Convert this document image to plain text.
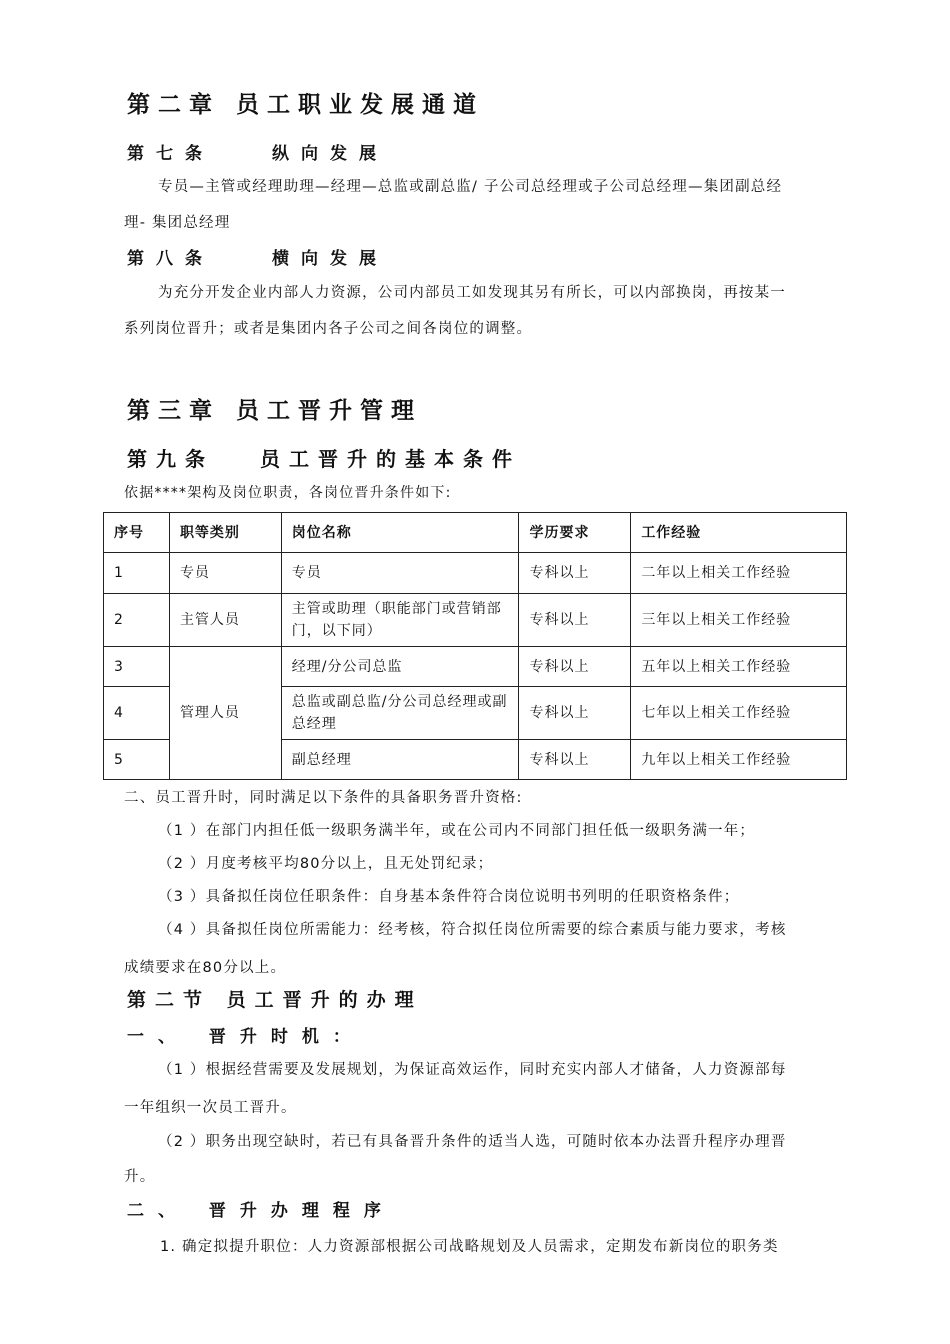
第二章 员工职业发展通道
第七条	纵向发展
专员—主管或经理助理—经理—总监或副总监/ 子公司总经理或子公司总经理—集团副总经
理- 集团总经理
第八条	横向发展
为充分开发企业内部人力资源，公司内部员工如发现其另有所长，可以内部换岗，再按某一
系列岗位晋升；或者是集团内各子公司之间各岗位的调整。
第三章 员工晋升管理
第九条 员工晋升的基本条件
依据****架构及岗位职责，各岗位晋升条件如下:
序号	职等类别	岗位名称	学历要求	工作经验
1	专员	专员	专科以上	二年以上相关工作经验
2	主管人员	主管或助理（职能部门或营销部门，以下同）	专科以上	三年以上相关工作经验
3	管理人员	经理/分公司总监	专科以上	五年以上相关工作经验
4		总监或副总监/分公司总经理或副总经理	专科以上	七年以上相关工作经验
5		副总经理	专科以上	九年以上相关工作经验
二、员工晋升时，同时满足以下条件的具备职务晋升资格:
（1 ）在部门内担任低一级职务满半年，或在公司内不同部门担任低一级职务满一年；
（2 ）月度考核平均80分以上，且无处罚纪录；
（3 ）具备拟任岗位任职条件：自身基本条件符合岗位说明书列明的任职资格条件；
（4 ）具备拟任岗位所需能力：经考核，符合拟任岗位所需要的综合素质与能力要求，考核
成绩要求在80分以上。
第二节 员工晋升的办理
一、 晋升时机：
（1 ）根据经营需要及发展规划，为保证高效运作，同时充实内部人才储备，人力资源部每
一年组织一次员工晋升。
（2 ）职务出现空缺时，若已有具备晋升条件的适当人选，可随时依本办法晋升程序办理晋
升。
二、 晋升办理程序
1. 确定拟提升职位：人力资源部根据公司战略规划及人员需求，定期发布新岗位的职务类
